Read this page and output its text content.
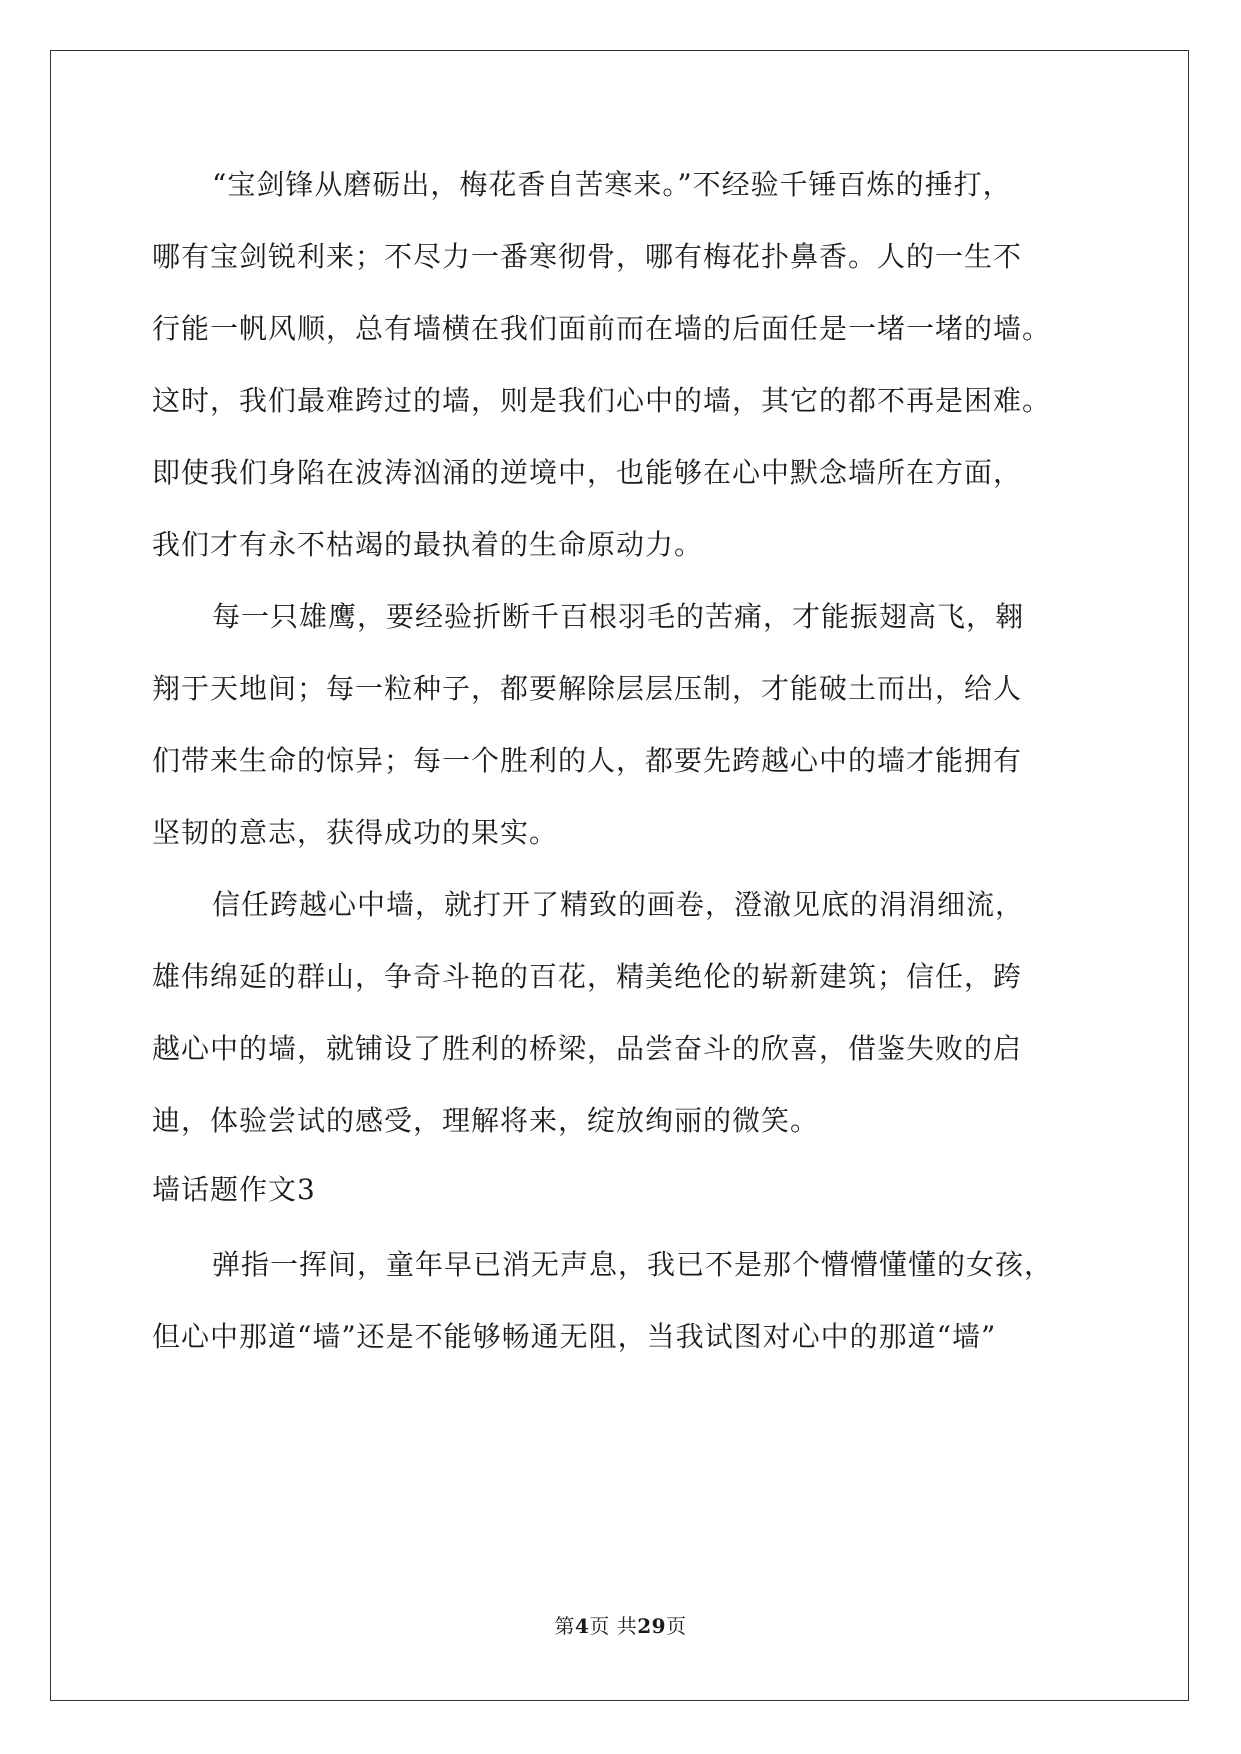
“宝剑锋从磨砺出，梅花香自苦寒来。”不经验千锤百炼的捶打，
哪有宝剑锐利来；不尽力一番寒彻骨，哪有梅花扑鼻香。人的一生不
行能一帆风顺，总有墙横在我们面前而在墙的后面任是一堵一堵的墙。
这时，我们最难跨过的墙，则是我们心中的墙，其它的都不再是困难。
即使我们身陷在波涛汹涌的逆境中，也能够在心中默念墙所在方面，
我们才有永不枯竭的最执着的生命原动力。
每一只雄鹰，要经验折断千百根羽毛的苦痛，才能振翅高飞，翱
翔于天地间；每一粒种子，都要解除层层压制，才能破土而出，给人
们带来生命的惊异；每一个胜利的人，都要先跨越心中的墙才能拥有
坚韧的意志，获得成功的果实。
信任跨越心中墙，就打开了精致的画卷，澄澈见底的涓涓细流，
雄伟绵延的群山，争奇斗艳的百花，精美绝伦的崭新建筑；信任，跨
越心中的墙，就铺设了胜利的桥梁，品尝奋斗的欣喜，借鉴失败的启
迪，体验尝试的感受，理解将来，绽放绚丽的微笑。
墙话题作文3
弹指一挥间，童年早已消无声息，我已不是那个懵懵懂懂的女孩，
但心中那道“墙”还是不能够畅通无阻，当我试图对心中的那道“墙”
第4页 共29页
